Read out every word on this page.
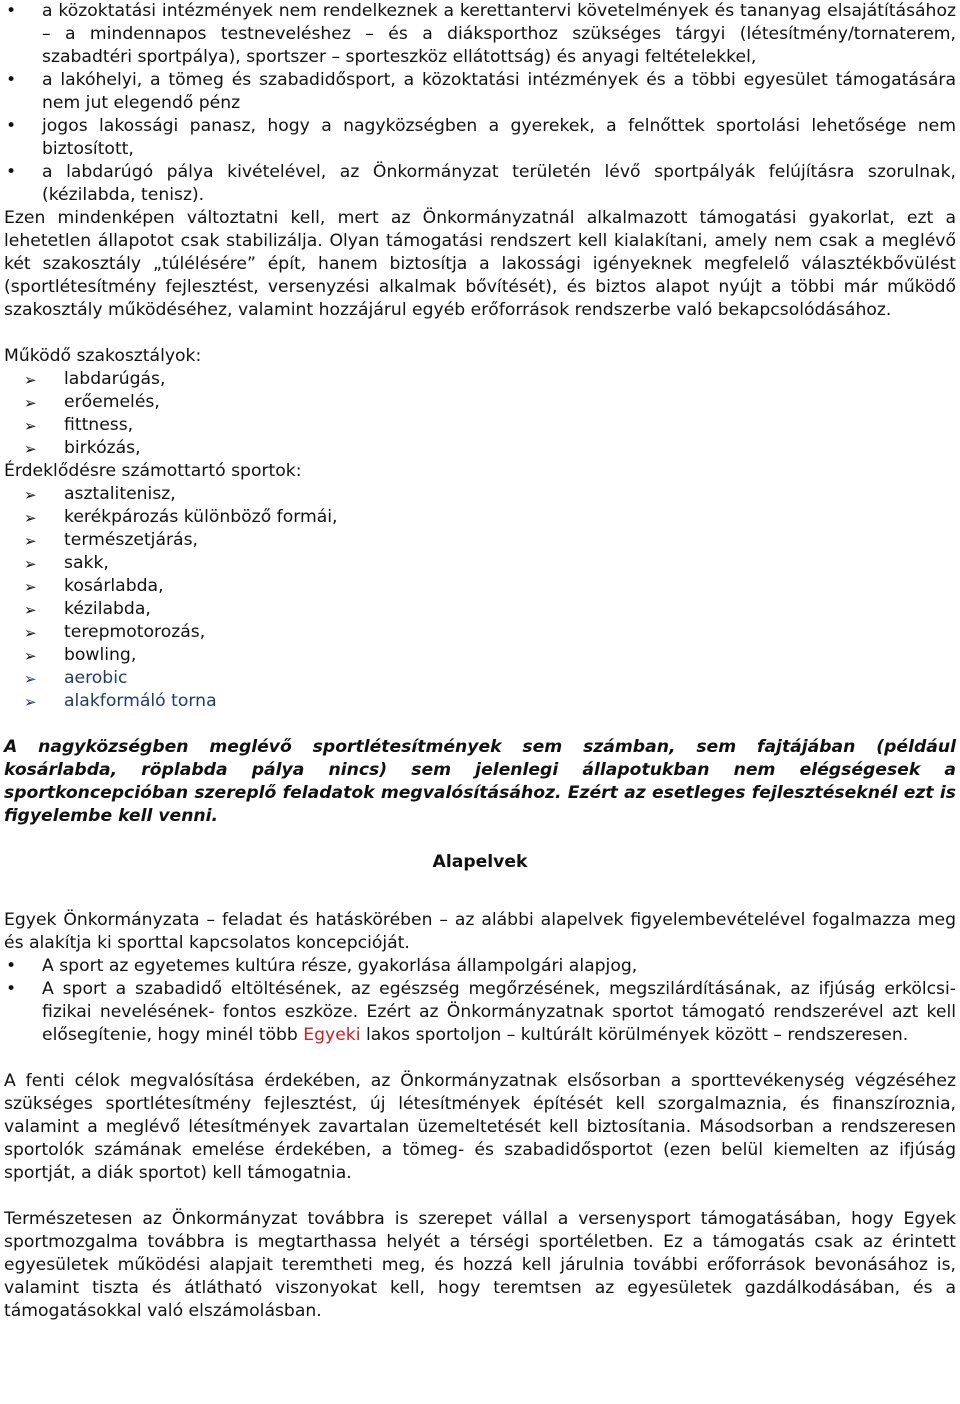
• a közoktatási intézmények nem rendelkeznek a kerettantervi követelmények és tananyag elsajátításához – a mindennapos testneveléshez – és a diáksporthoz szükséges tárgyi (létesítmény/tornaterem, szabadtéri sportpálya), sportszer – sporteszköz ellátottság) és anyagi feltételekkel,
• a lakóhelyi, a tömeg és szabadidősport, a közoktatási intézmények és a többi egyesület támogatására nem jut elegendő pénz
• jogos lakossági panasz, hogy a nagyközségben a gyerekek, a felnőttek sportolási lehetősége nem biztosított,
• a labdarúgó pálya kivételével, az Önkormányzat területén lévő sportpályák felújításra szorulnak, (kézilabda, tenisz).

Ezen mindenképen változtatni kell, mert az Önkormányzatnál alkalmazott támogatási gyakorlat, ezt a lehetetlen állapotot csak stabilizálja. Olyan támogatási rendszert kell kialakítani, amely nem csak a meglévő két szakosztály „túlélésére” épít, hanem biztosítja a lakossági igényeknek megfelelő választékbővülést (sportlétesítmény fejlesztést, versenyzési alkalmak bővítését), és biztos alapot nyújt a többi már működő szakosztály működéséhez, valamint hozzájárul egyéb erőforrások rendszerbe való bekapcsolódásához.

Működő szakosztályok:

➢ labdarúgás,
➢ erőemelés,
➢ fittness,
➢ birkózás,

Érdeklődésre számottartó sportok:

➢ asztalitenisz,
➢ kerékpározás különböző formái,
➢ természetjárás,
➢ sakk,
➢ kosárlabda,
➢ kézilabda,
➢ terepmotorozás,
➢ bowling,
➢ aerobic
➢ alakformáló torna

A nagyközségben meglévő sportlétesítmények sem számban, sem fajtájában (például kosárlabda, röplabda pálya nincs) sem jelenlegi állapotukban nem elégségesek a sportkoncepcióban szereplő feladatok megvalósításához. Ezért az esetleges fejlesztéseknél ezt is figyelembe kell venni.

Alapelvek

Egyek Önkormányzata – feladat és hatáskörében – az alábbi alapelvek figyelembevételével fogalmazza meg és alakítja ki sporttal kapcsolatos koncepcióját.

• A sport az egyetemes kultúra része, gyakorlása állampolgári alapjog,
• A sport a szabadidő eltöltésének, az egészség megőrzésének, megszilárdításának, az ifjúság erkölcsi- fizikai nevelésének- fontos eszköze. Ezért az Önkormányzatnak sportot támogató rendszerével azt kell elősegítenie, hogy minél több Egyeki lakos sportoljon – kultúrált körülmények között – rendszeresen.

A fenti célok megvalósítása érdekében, az Önkormányzatnak elsősorban a sporttevékenység végzéséhez szükséges sportlétesítmény fejlesztést, új létesítmények építését kell szorgalmaznia, és finanszíroznia, valamint a meglévő létesítmények zavartalan üzemeltetését kell biztosítania. Másodsorban a rendszeresen sportolók számának emelése érdekében, a tömeg- és szabadidősportot (ezen belül kiemelten az ifjúság sportját, a diák sportot) kell támogatnia.

Természetesen az Önkormányzat továbbra is szerepet vállal a versenysport támogatásában, hogy Egyek sportmozgalma továbbra is megtarthassa helyét a térségi sportéletben. Ez a támogatás csak az érintett egyesületek működési alapjait teremtheti meg, és hozzá kell járulnia további erőforrások bevonásához is, valamint tiszta és átlátható viszonyokat kell, hogy teremtsen az egyesületek gazdálkodásában, és a támogatásokkal való elszámolásban.
